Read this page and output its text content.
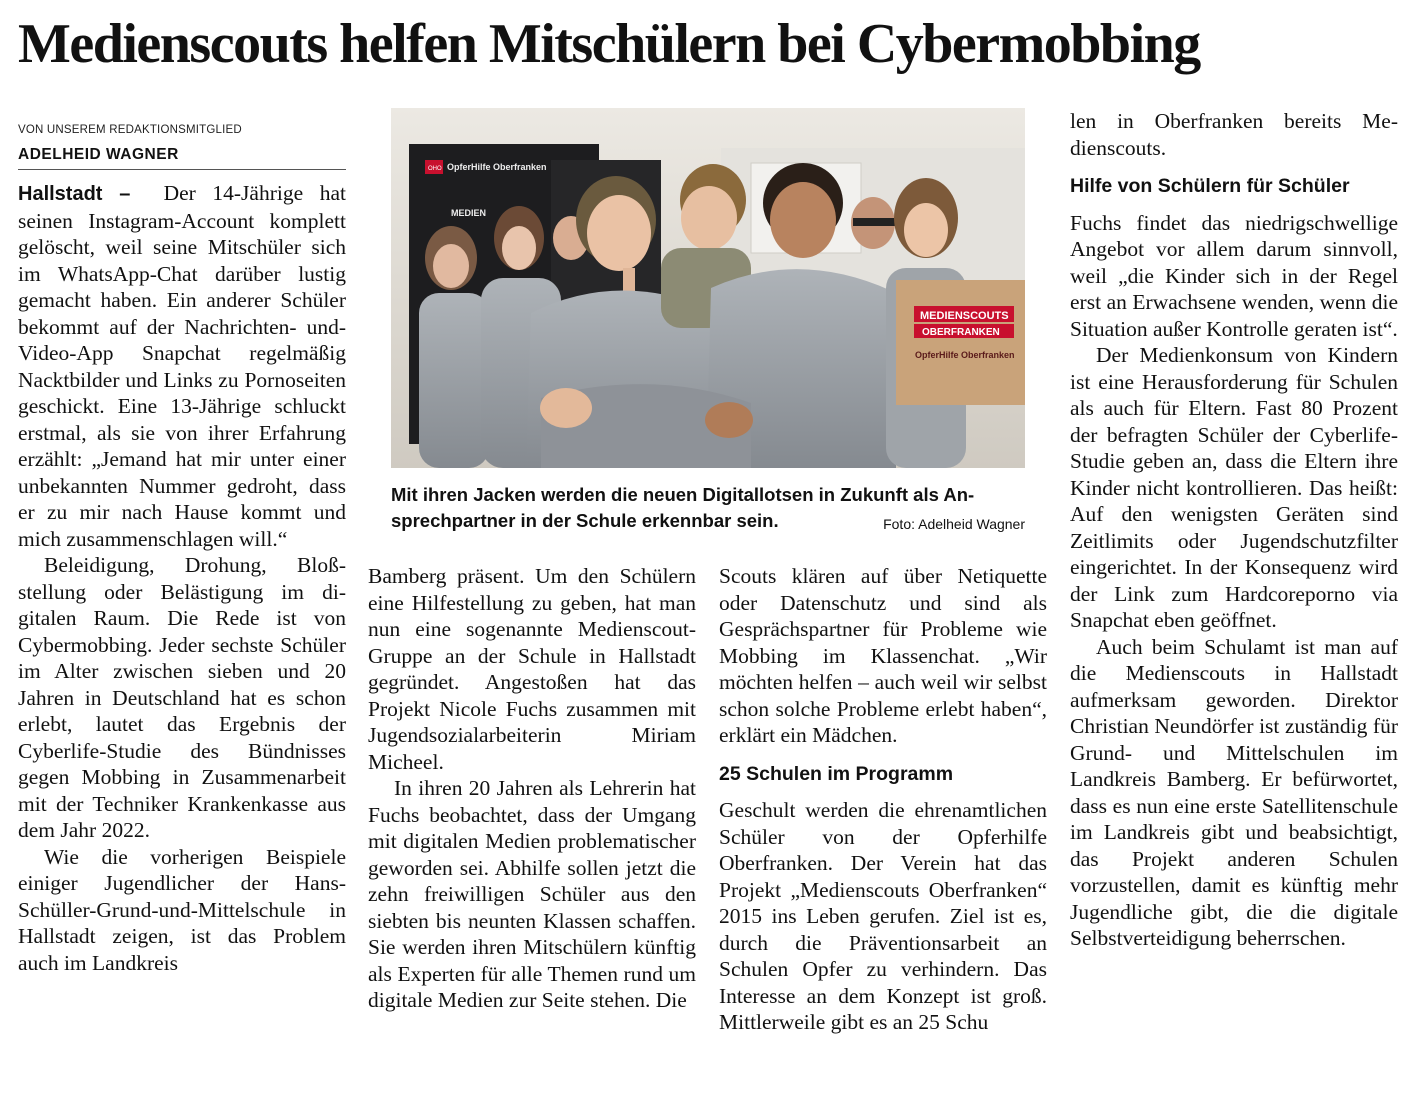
Medienscouts helfen Mitschülern bei Cybermobbing
VON UNSEREM REDAKTIONSMITGLIED
ADELHEID WAGNER

Hallstadt – Der 14-Jährige hat seinen Instagram-Account komplett gelöscht, weil seine Mitschüler sich im WhatsApp-Chat darüber lustig gemacht haben. Ein anderer Schüler bekommt auf der Nachrichten- und-Video-App Snapchat regelmäßig Nacktbilder und Links zu Pornoseiten geschickt. Eine 13-Jährige schluckt erstmal, als sie von ihrer Erfahrung erzählt: „Jemand hat mir unter einer unbekannten Nummer gedroht, dass er zu mir nach Hause kommt und mich zusammenschlagen will.“

Beleidigung, Drohung, Bloßstellung oder Belästigung im digitalen Raum. Die Rede ist von Cybermobbing. Jeder sechste Schüler im Alter zwischen sieben und 20 Jahren in Deutschland hat es schon erlebt, lautet das Ergebnis der Cyberlife-Studie des Bündnisses gegen Mobbing in Zusammenarbeit mit der Techniker Krankenkasse aus dem Jahr 2022.

Wie die vorherigen Beispiele einiger Jugendlicher der Hans-Schüller-Grund-und-Mittelschule in Hallstadt zeigen, ist das Problem auch im Landkreis

OHO OpferHilfe Oberfranken
MEDIEN
MEDIENSCOUTS
OBERFRANKEN
OpferHilfe Oberfranken
Mit ihren Jacken werden die neuen Digitallotsen in Zukunft als An-
sprechpartner in der Schule erkennbar sein.	Foto: Adelheid Wagner

Bamberg präsent. Um den Schülern eine Hilfestellung zu geben, hat man nun eine sogenannte Medienscout-Gruppe an der Schule in Hallstadt gegründet. Angestoßen hat das Projekt Nicole Fuchs zusammen mit Jugendsozialarbeiterin Miriam Micheel.

In ihren 20 Jahren als Lehrerin hat Fuchs beobachtet, dass der Umgang mit digitalen Medien problematischer geworden sei. Abhilfe sollen jetzt die zehn freiwilligen Schüler aus den siebten bis neunten Klassen schaffen. Sie werden ihren Mitschülern künftig als Experten für alle Themen rund um digitale Medien zur Seite stehen. Die

Scouts klären auf über Netiquette oder Datenschutz und sind als Gesprächspartner für Probleme wie Mobbing im Klassenchat. „Wir möchten helfen – auch weil wir selbst schon solche Probleme erlebt haben“, erklärt ein Mädchen.

25 Schulen im Programm

Geschult werden die ehrenamtlichen Schüler von der Opferhilfe Oberfranken. Der Verein hat das Projekt „Medienscouts Oberfranken“ 2015 ins Leben gerufen. Ziel ist es, durch die Präventionsarbeit an Schulen Opfer zu verhindern. Das Interesse an dem Konzept ist groß. Mittlerweile gibt es an 25 Schu

len in Oberfranken bereits Medienscouts.

Hilfe von Schülern für Schüler

Fuchs findet das niedrigschwellige Angebot vor allem darum sinnvoll, weil „die Kinder sich in der Regel erst an Erwachsene wenden, wenn die Situation außer Kontrolle geraten ist“.

Der Medienkonsum von Kindern ist eine Herausforderung für Schulen als auch für Eltern. Fast 80 Prozent der befragten Schüler der Cyberlife-Studie geben an, dass die Eltern ihre Kinder nicht kontrollieren. Das heißt: Auf den wenigsten Geräten sind Zeitlimits oder Jugendschutzfilter eingerichtet. In der Konsequenz wird der Link zum Hardcoreporno via Snapchat eben geöffnet.

Auch beim Schulamt ist man auf die Medienscouts in Hallstadt aufmerksam geworden. Direktor Christian Neundörfer ist zuständig für Grund- und Mittelschulen im Landkreis Bamberg. Er befürwortet, dass es nun eine erste Satellitenschule im Landkreis gibt und beabsichtigt, das Projekt anderen Schulen vorzustellen, damit es künftig mehr Jugendliche gibt, die die digitale Selbstverteidigung beherrschen.
